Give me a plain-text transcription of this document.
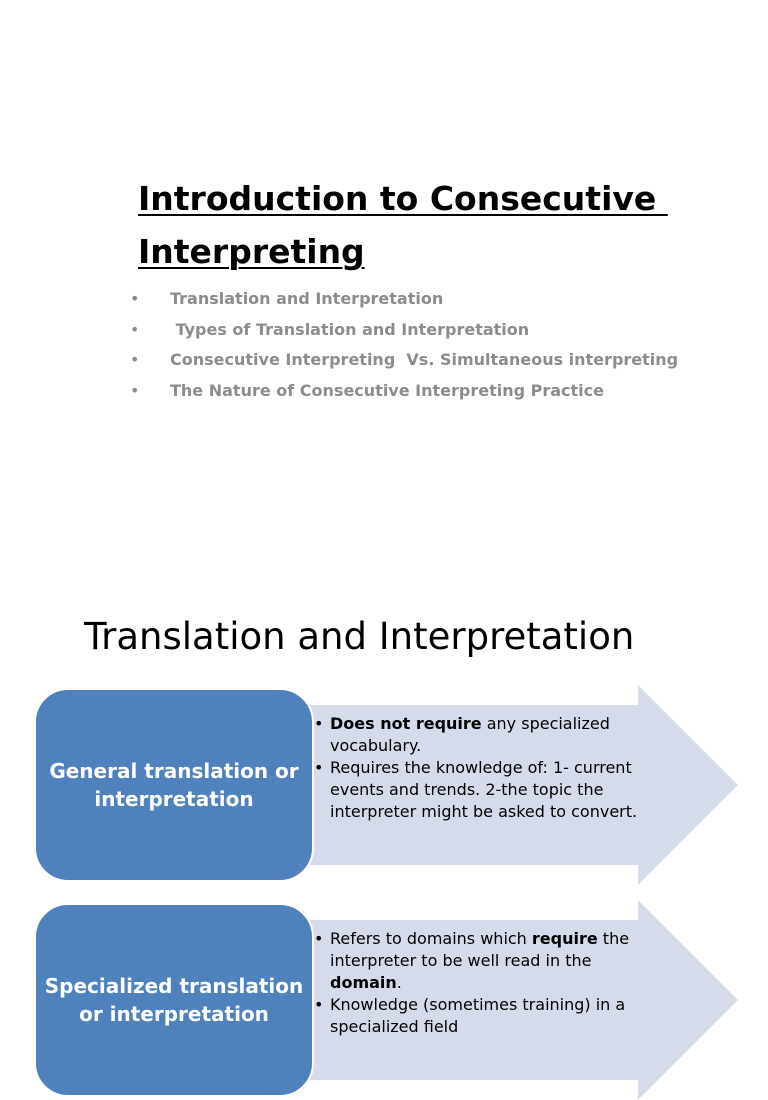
Introduction to Consecutive
Interpreting
• Translation and Interpretation
• Types of Translation and Interpretation
• Consecutive Interpreting  Vs. Simultaneous interpreting
• The Nature of Consecutive Interpreting Practice
Translation and Interpretation
General translation or interpretation
• Does not require any specialized vocabulary.
• Requires the knowledge of: 1- current events and trends. 2-the topic the interpreter might be asked to convert.
Specialized translation or interpretation
• Refers to domains which require the interpreter to be well read in the domain.
• Knowledge (sometimes training) in a specialized field
